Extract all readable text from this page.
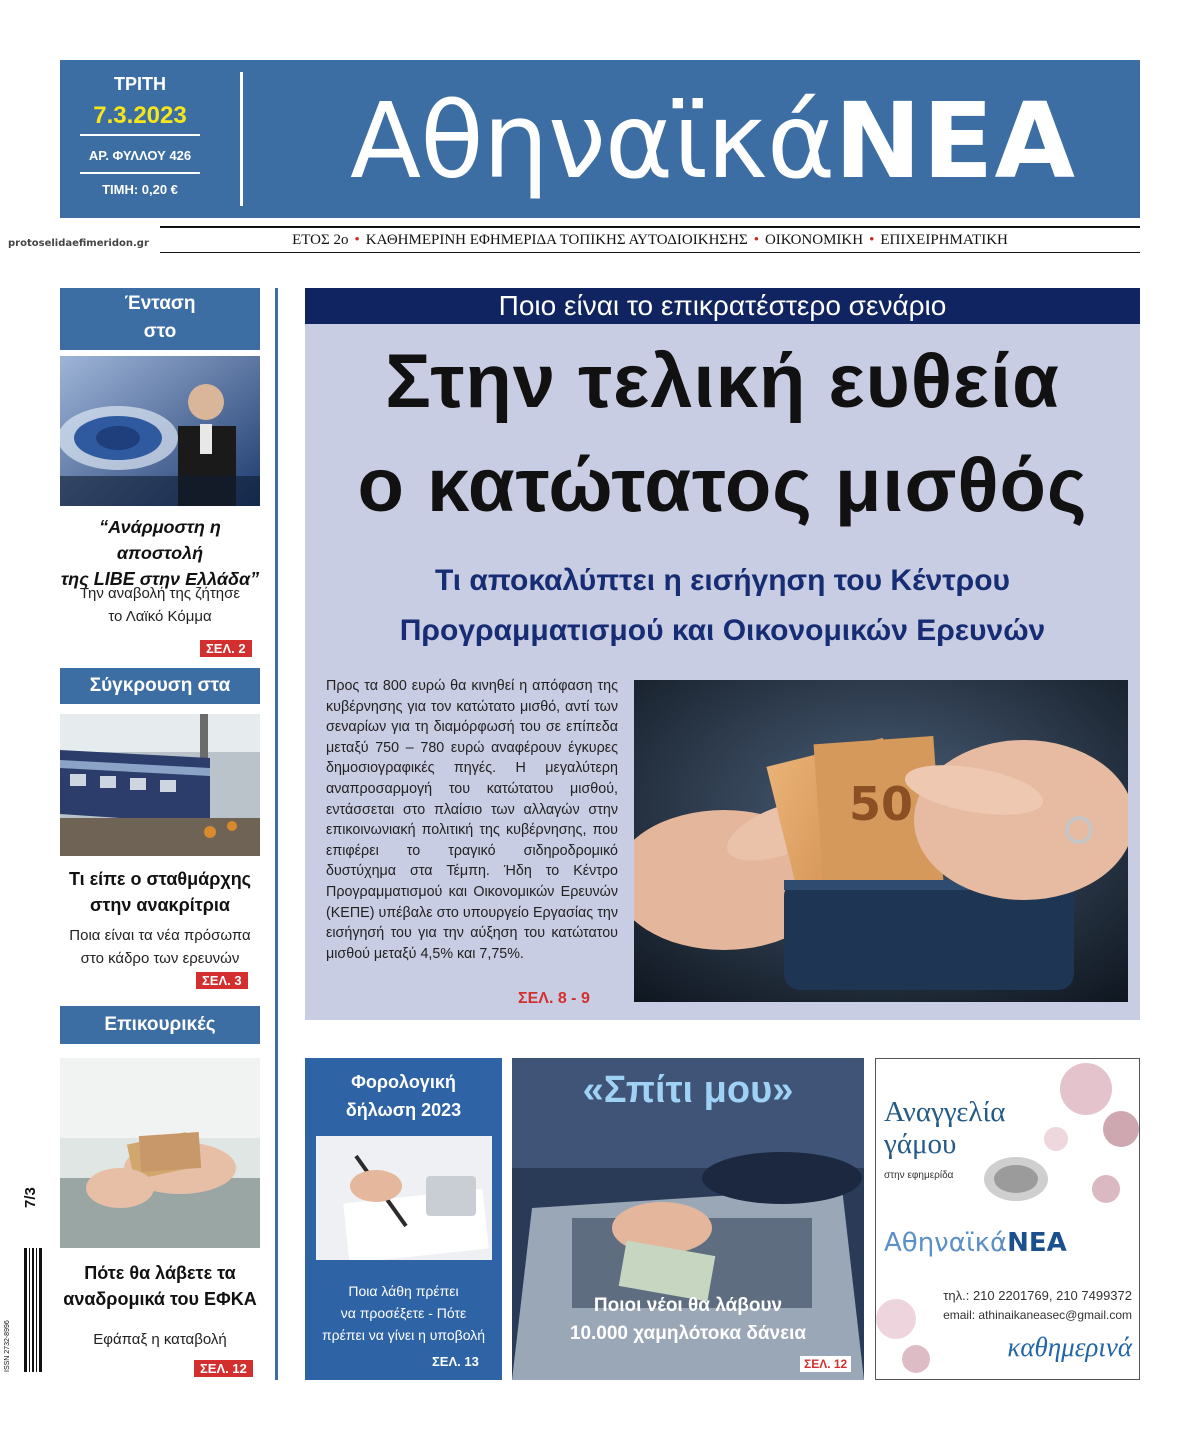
ΤΡΙΤΗ
7.3.2023
ΑΡ. ΦΥΛΛΟΥ 426
ΤΙΜΗ: 0,20 €	Αθηναϊκά ΝΕΑ
protoselidaefimeridon.gr	ΕΤΟΣ 2ο • ΚΑΘΗΜΕΡΙΝΗ ΕΦΗΜΕΡΙΔΑ ΤΟΠΙΚΗΣ ΑΥΤΟΔΙΟΙΚΗΣΗΣ • ΟΙΚΟΝΟΜΙΚΗ • ΕΠΙΧΕΙΡΗΜΑΤΙΚΗ
Ένταση
στο
“Ανάρμοστη η αποστολή
της LIBE στην Ελλάδα”
Την αναβολή της ζήτησε
το Λαϊκό Κόμμα
ΣΕΛ. 2
Σύγκρουση στα
Τι είπε ο σταθμάρχης
στην ανακρίτρια
Ποια είναι τα νέα πρόσωπα
στο κάδρο των ερευνών
ΣΕΛ. 3
Επικουρικές
Πότε θα λάβετε τα
αναδρομικά του ΕΦΚΑ
Εφάπαξ η καταβολή
ΣΕΛ. 12
Ποιο είναι το επικρατέστερο σενάριο
Στην τελική ευθεία
ο κατώτατος μισθός
Τι αποκαλύπτει η εισήγηση του Κέντρου
Προγραμματισμού και Οικονομικών Ερευνών
Προς τα 800 ευρώ θα κινηθεί η απόφαση της κυβέρνησης για τον κατώτατο μισθό, αντί των σεναρίων για τη διαμόρφωσή του σε επίπεδα μεταξύ 750 – 780 ευρώ αναφέρουν έγκυρες δημοσιογραφικές πηγές. Η μεγαλύτερη αναπροσαρμογή του κατώτατου μισθού, εντάσσεται στο πλαίσιο των αλλαγών στην επικοινωνιακή πολιτική της κυβέρνησης, που επιφέρει το τραγικό σιδηροδρομικό δυστύχημα στα Τέμπη. Ήδη το Κέντρο Προγραμματισμού και Οικονομικών Ερευνών (ΚΕΠΕ) υπέβαλε στο υπουργείο Εργασίας την εισήγησή του για την αύξηση του κατώτατου μισθού μεταξύ 4,5% και 7,75%.
ΣΕΛ. 8 - 9
50
Φορολογική
δήλωση 2023
Ποια λάθη πρέπει
να προσέξετε - Πότε
πρέπει να γίνει η υποβολή
ΣΕΛ. 13
«Σπίτι μου»
Ποιοι νέοι θα λάβουν
10.000 χαμηλότοκα δάνεια
ΣΕΛ. 12
Αναγγελία
γάμου
στην εφημερίδα
ΑθηναϊκάΝΕΑ
τηλ.: 210 2201769, 210 7499372
email: athinaikaneasec@gmail.com
καθημερινά
7/3
ISSN 2732-8996
